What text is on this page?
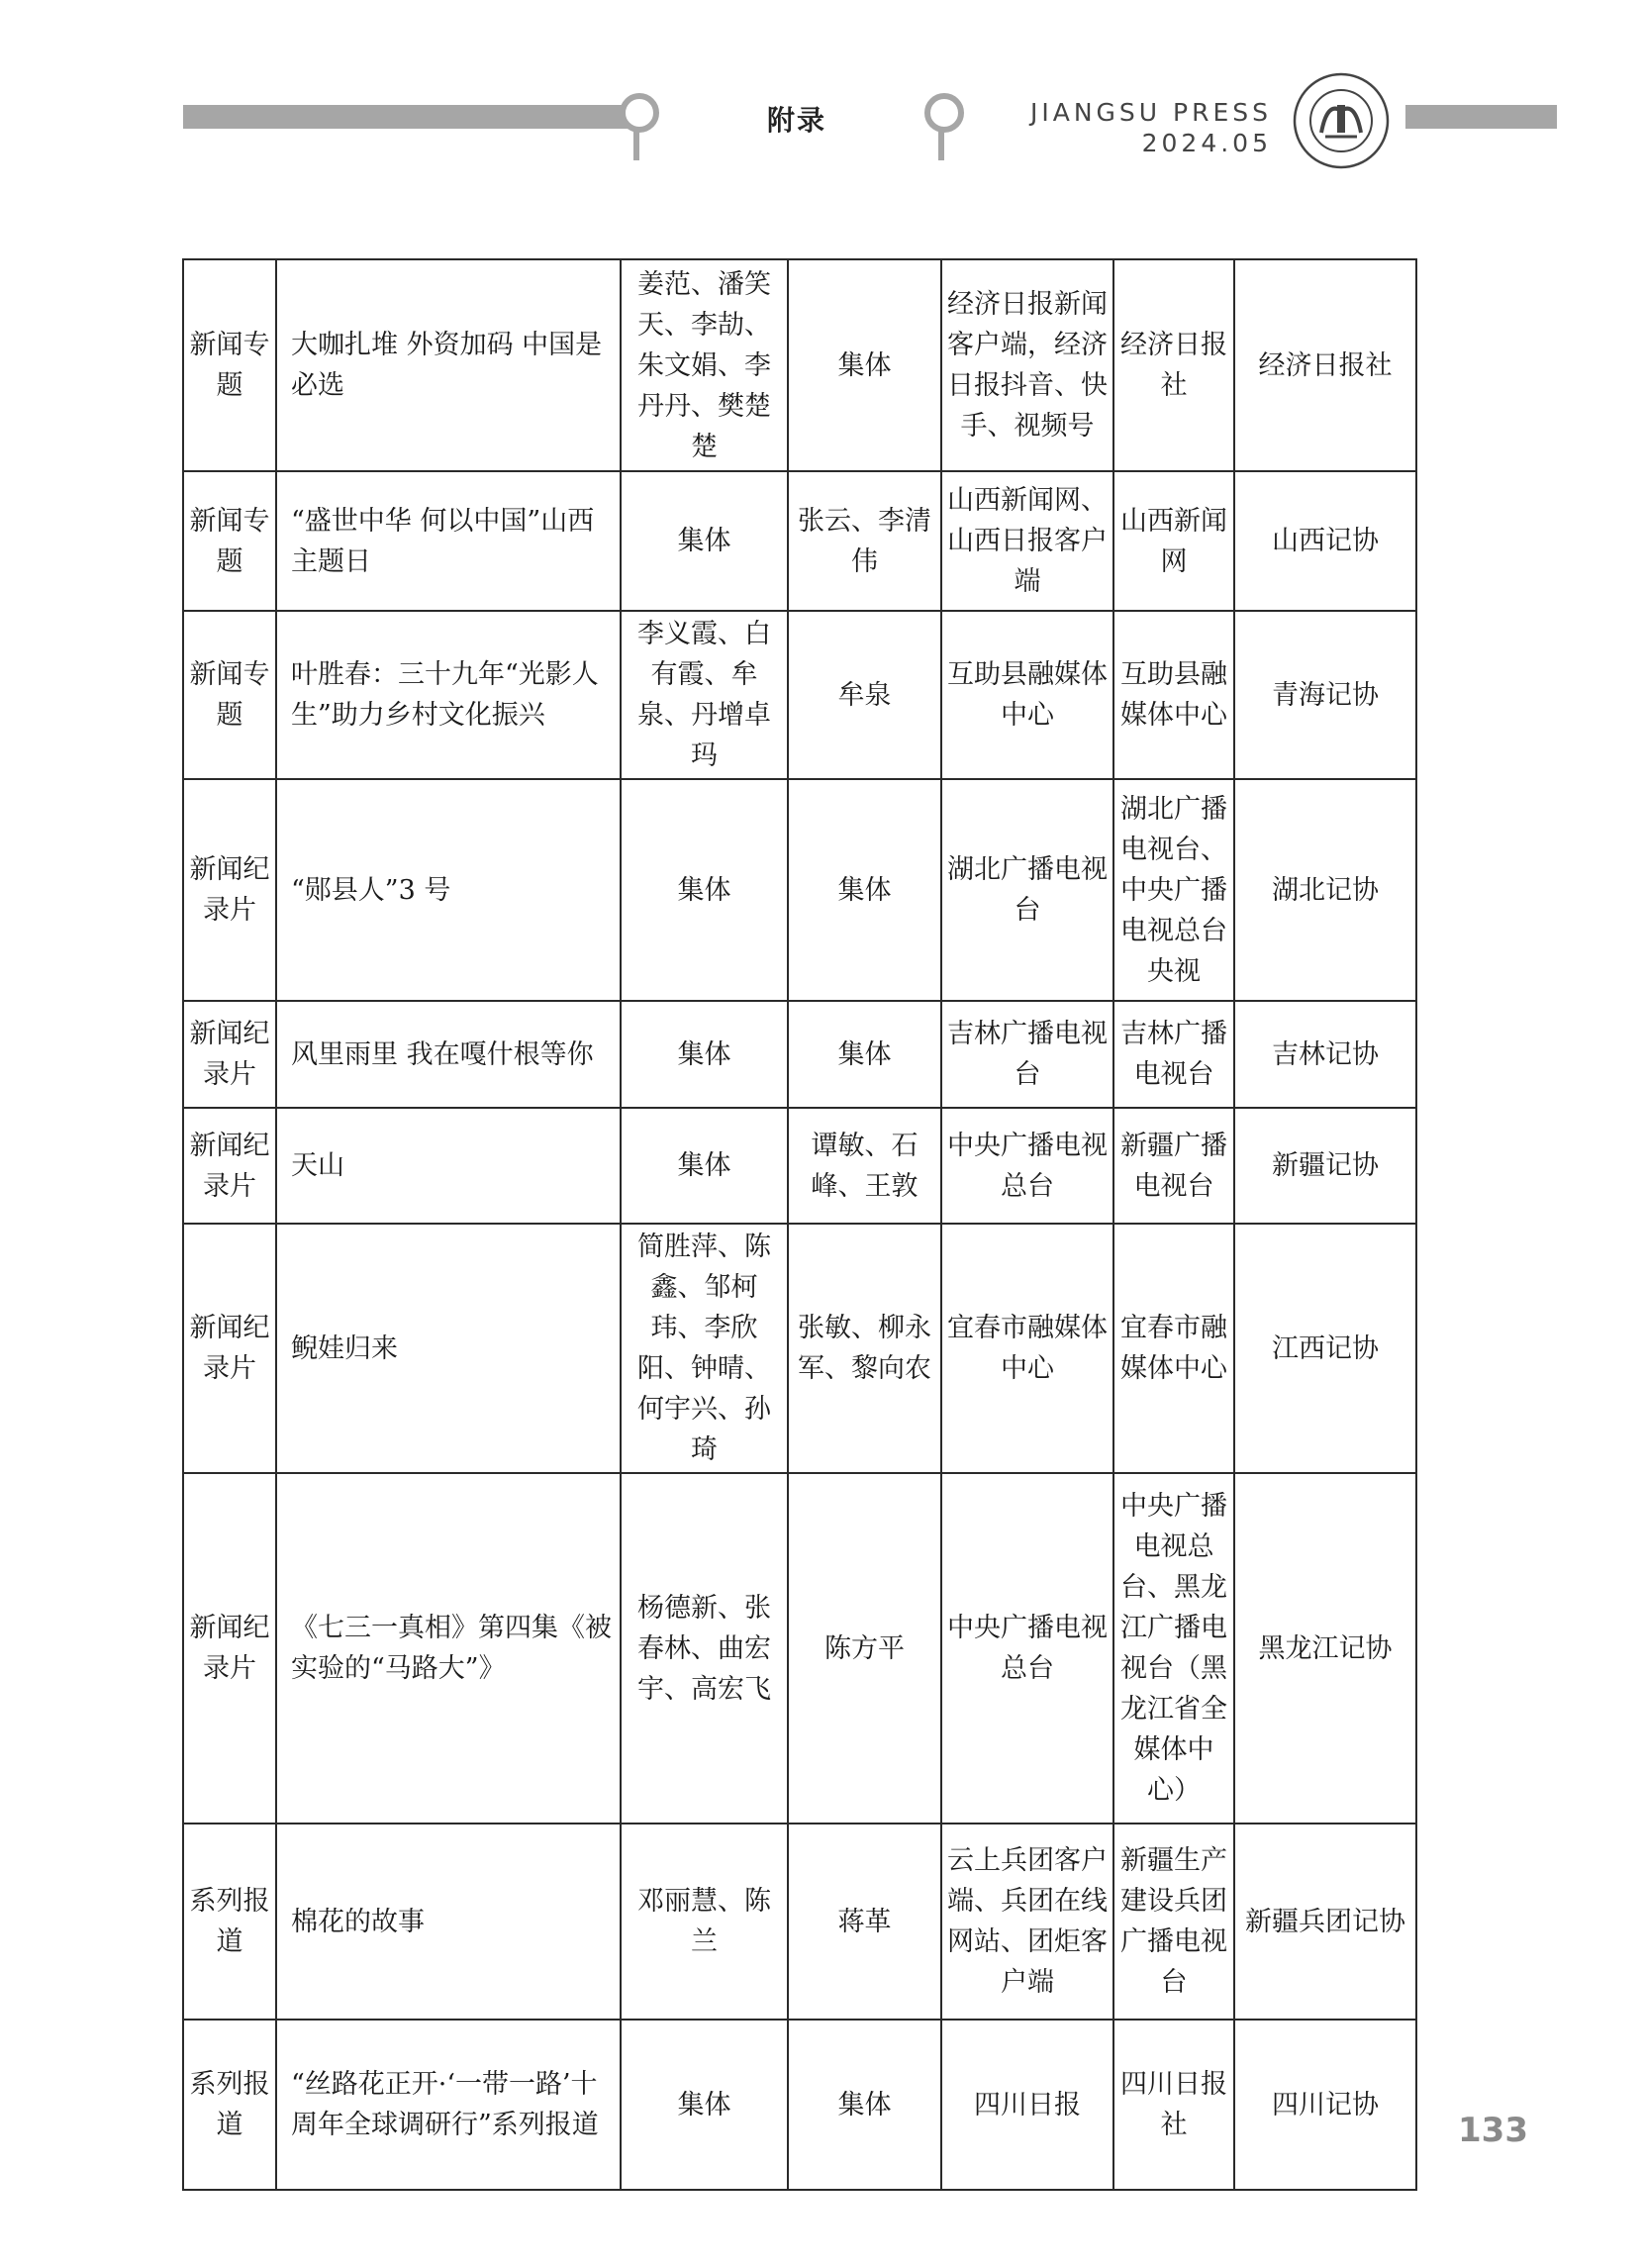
附录	JIANGSU PRESS
2024.05
新闻专题	大咖扎堆 外资加码 中国是必选	姜范、潘笑天、李劼、朱文娟、李丹丹、樊楚楚	集体	经济日报新闻客户端，经济日报抖音、快手、视频号	经济日报社	经济日报社
新闻专题	“盛世中华 何以中国”山西主题日	集体	张云、李清伟	山西新闻网、山西日报客户端	山西新闻网	山西记协
新闻专题	叶胜春：三十九年“光影人生”助力乡村文化振兴	李义霞、白有霞、牟泉、丹增卓玛	牟泉	互助县融媒体中心	互助县融媒体中心	青海记协
新闻纪录片	“郧县人”3 号	集体	集体	湖北广播电视台	湖北广播电视台、中央广播电视总台央视	湖北记协
新闻纪录片	风里雨里 我在嘎什根等你	集体	集体	吉林广播电视台	吉林广播电视台	吉林记协
新闻纪录片	天山	集体	谭敏、石峰、王敦	中央广播电视总台	新疆广播电视台	新疆记协
新闻纪录片	鲵娃归来	简胜萍、陈鑫、邹柯玮、李欣阳、钟晴、何宇兴、孙琦	张敏、柳永军、黎向农	宜春市融媒体中心	宜春市融媒体中心	江西记协
新闻纪录片	《七三一真相》第四集《被实验的“马路大”》	杨德新、张春林、曲宏宇、高宏飞	陈方平	中央广播电视总台	中央广播电视总台、黑龙江广播电视台（黑龙江省全媒体中心）	黑龙江记协
系列报道	棉花的故事	邓丽慧、陈兰	蒋革	云上兵团客户端、兵团在线网站、团炬客户端	新疆生产建设兵团广播电视台	新疆兵团记协
系列报道	“丝路花正开·‘一带一路’十周年全球调研行”系列报道	集体	集体	四川日报	四川日报社	四川记协
133
